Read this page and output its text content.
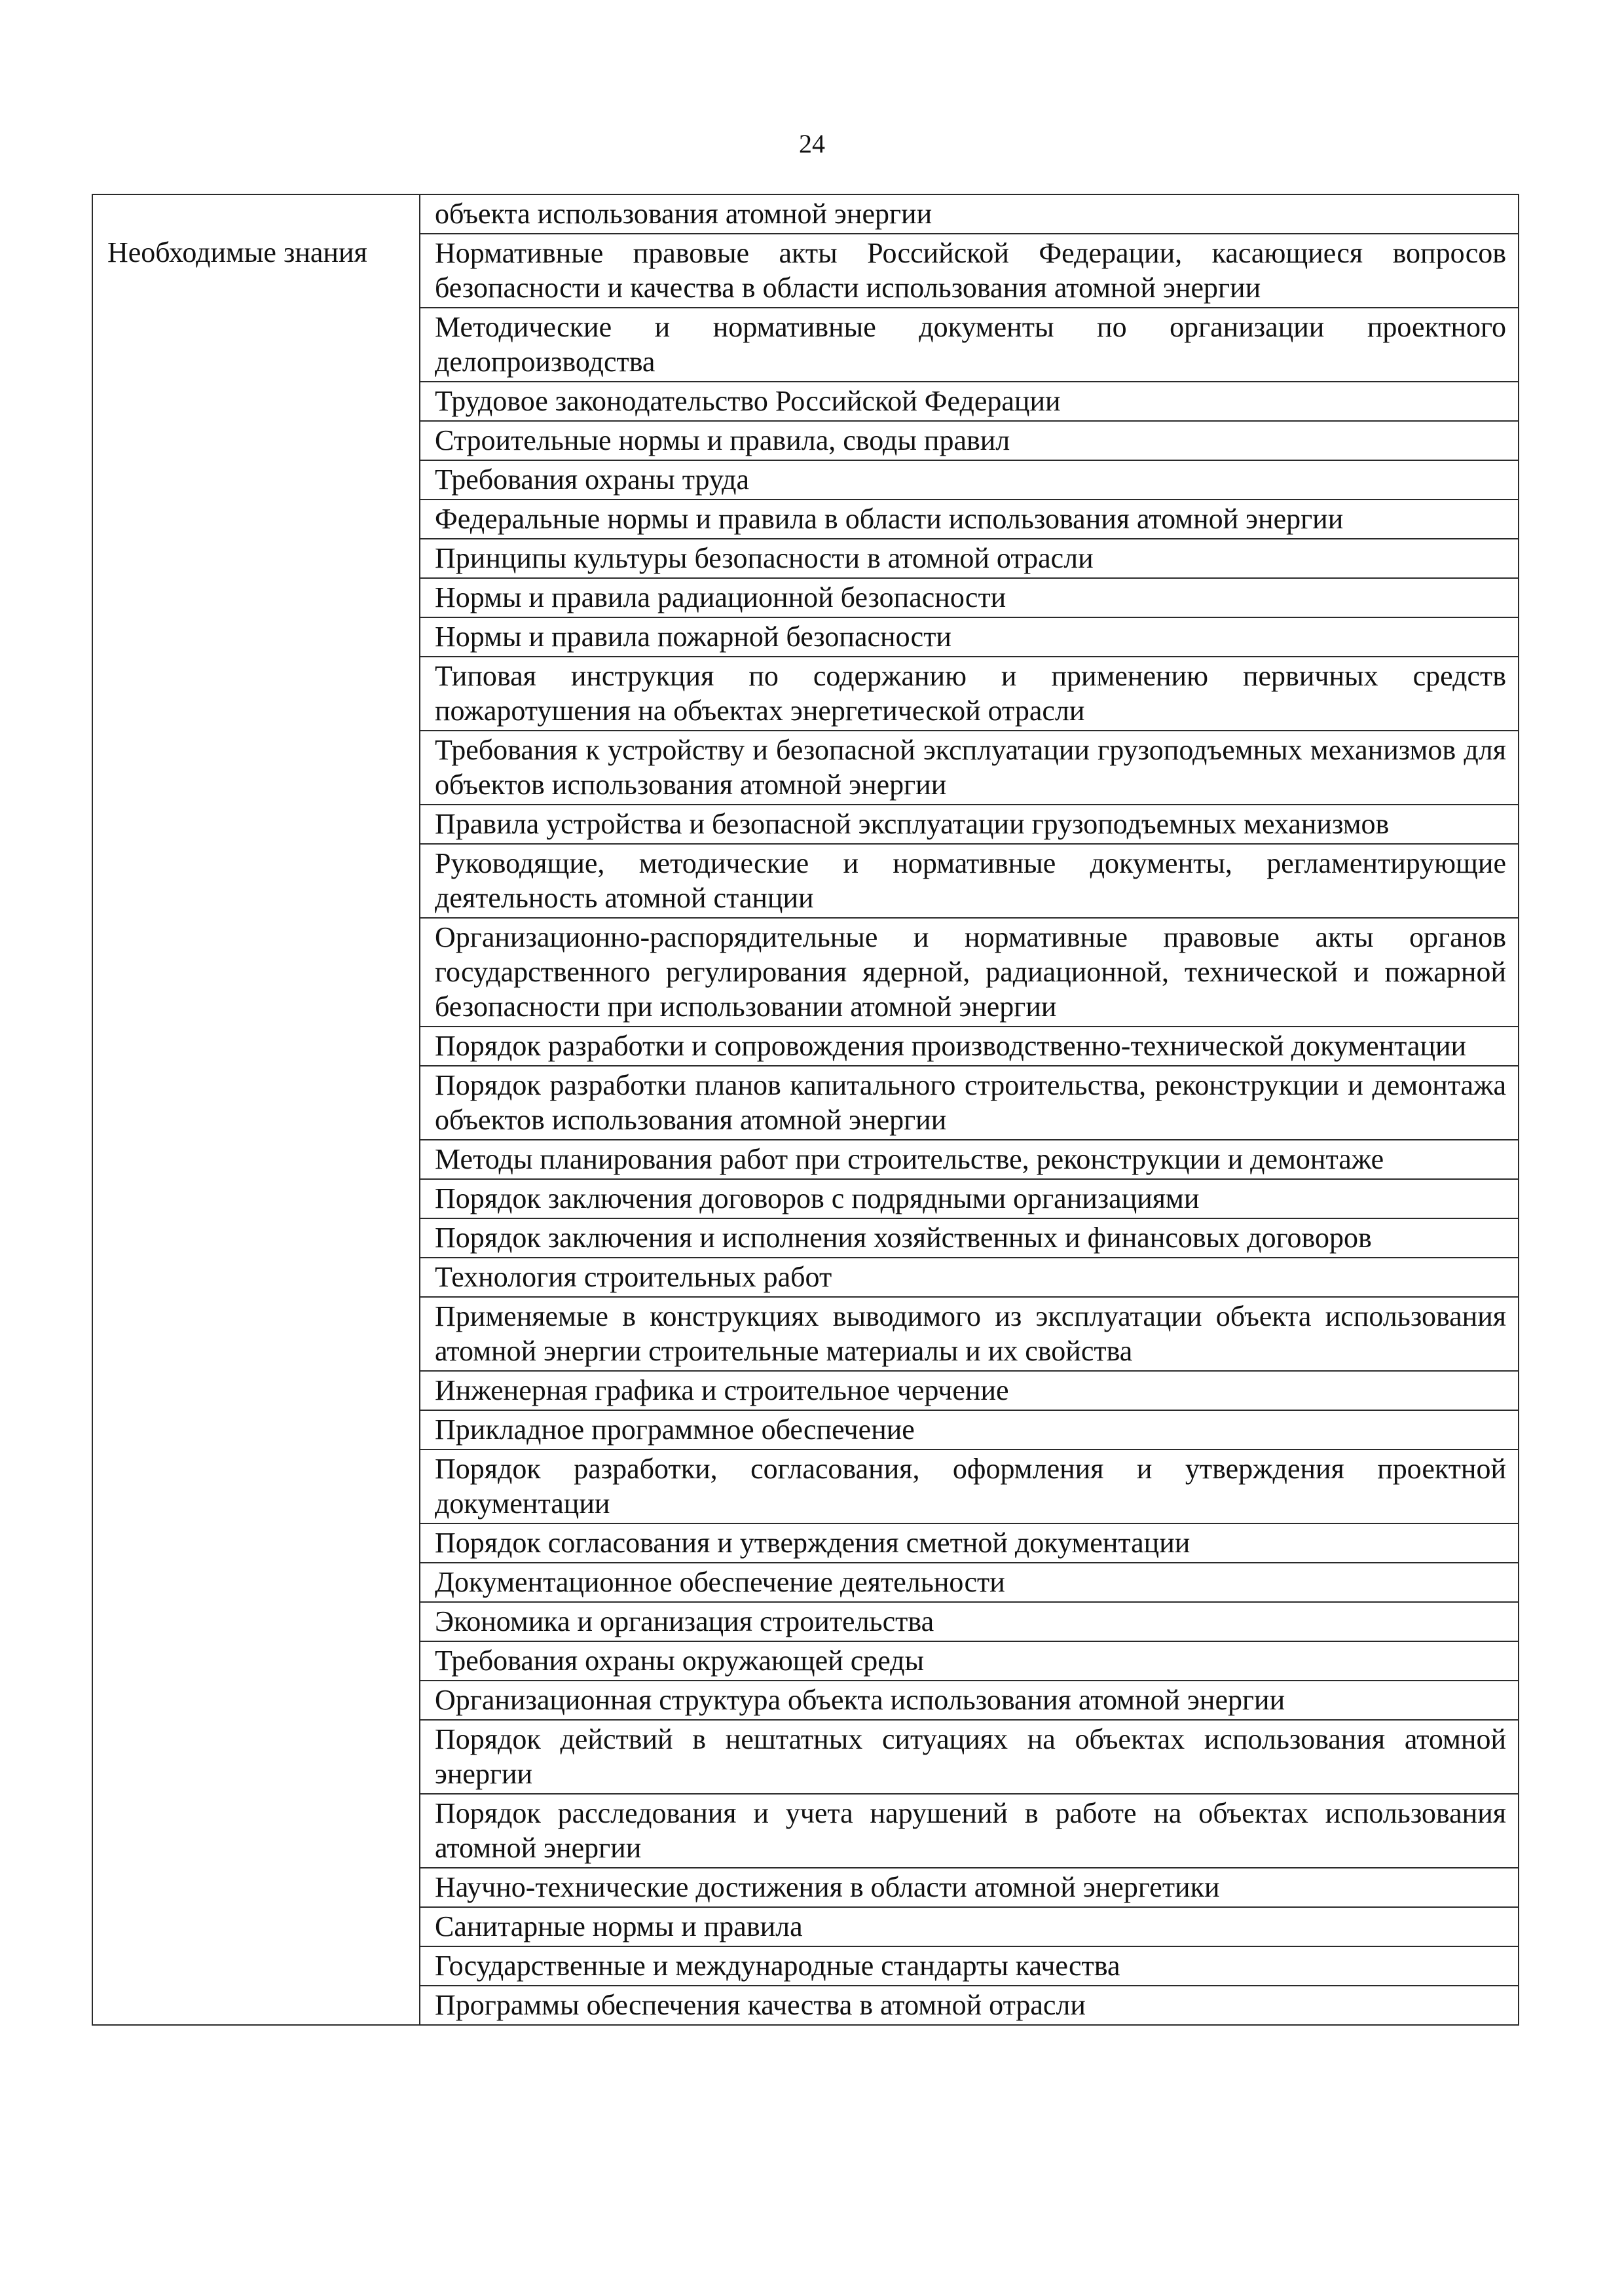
24
	объекта использования атомной энергии
Необходимые знания	Нормативные правовые акты Российской Федерации, касающиеся вопросов безопасности и качества в области использования атомной энергии
	Методические и нормативные документы по организации проектного делопроизводства
	Трудовое законодательство Российской Федерации
	Строительные нормы и правила, своды правил
	Требования охраны труда
	Федеральные нормы и правила в области использования атомной энергии
	Принципы культуры безопасности в атомной отрасли
	Нормы и правила радиационной безопасности
	Нормы и правила пожарной безопасности
	Типовая инструкция по содержанию и применению первичных средств пожаротушения на объектах энергетической отрасли
	Требования к устройству и безопасной эксплуатации грузоподъемных механизмов для объектов использования атомной энергии
	Правила устройства и безопасной эксплуатации грузоподъемных механизмов
	Руководящие, методические и нормативные документы, регламентирующие деятельность атомной станции
	Организационно-распорядительные и нормативные правовые акты органов государственного регулирования ядерной, радиационной, технической и пожарной безопасности при использовании атомной энергии
	Порядок разработки и сопровождения производственно-технической документации
	Порядок разработки планов капитального строительства, реконструкции и демонтажа объектов использования атомной энергии
	Методы планирования работ при строительстве, реконструкции и демонтаже
	Порядок заключения договоров с подрядными организациями
	Порядок заключения и исполнения хозяйственных и финансовых договоров
	Технология строительных работ
	Применяемые в конструкциях выводимого из эксплуатации объекта использования атомной энергии строительные материалы и их свойства
	Инженерная графика и строительное черчение
	Прикладное программное обеспечение
	Порядок разработки, согласования, оформления и утверждения проектной документации
	Порядок согласования и утверждения сметной документации
	Документационное обеспечение деятельности
	Экономика и организация строительства
	Требования охраны окружающей среды
	Организационная структура объекта использования атомной энергии
	Порядок действий в нештатных ситуациях на объектах использования атомной энергии
	Порядок расследования и учета нарушений в работе на объектах использования атомной энергии
	Научно-технические достижения в области атомной энергетики
	Санитарные нормы и правила
	Государственные и международные стандарты качества
	Программы обеспечения качества в атомной отрасли
